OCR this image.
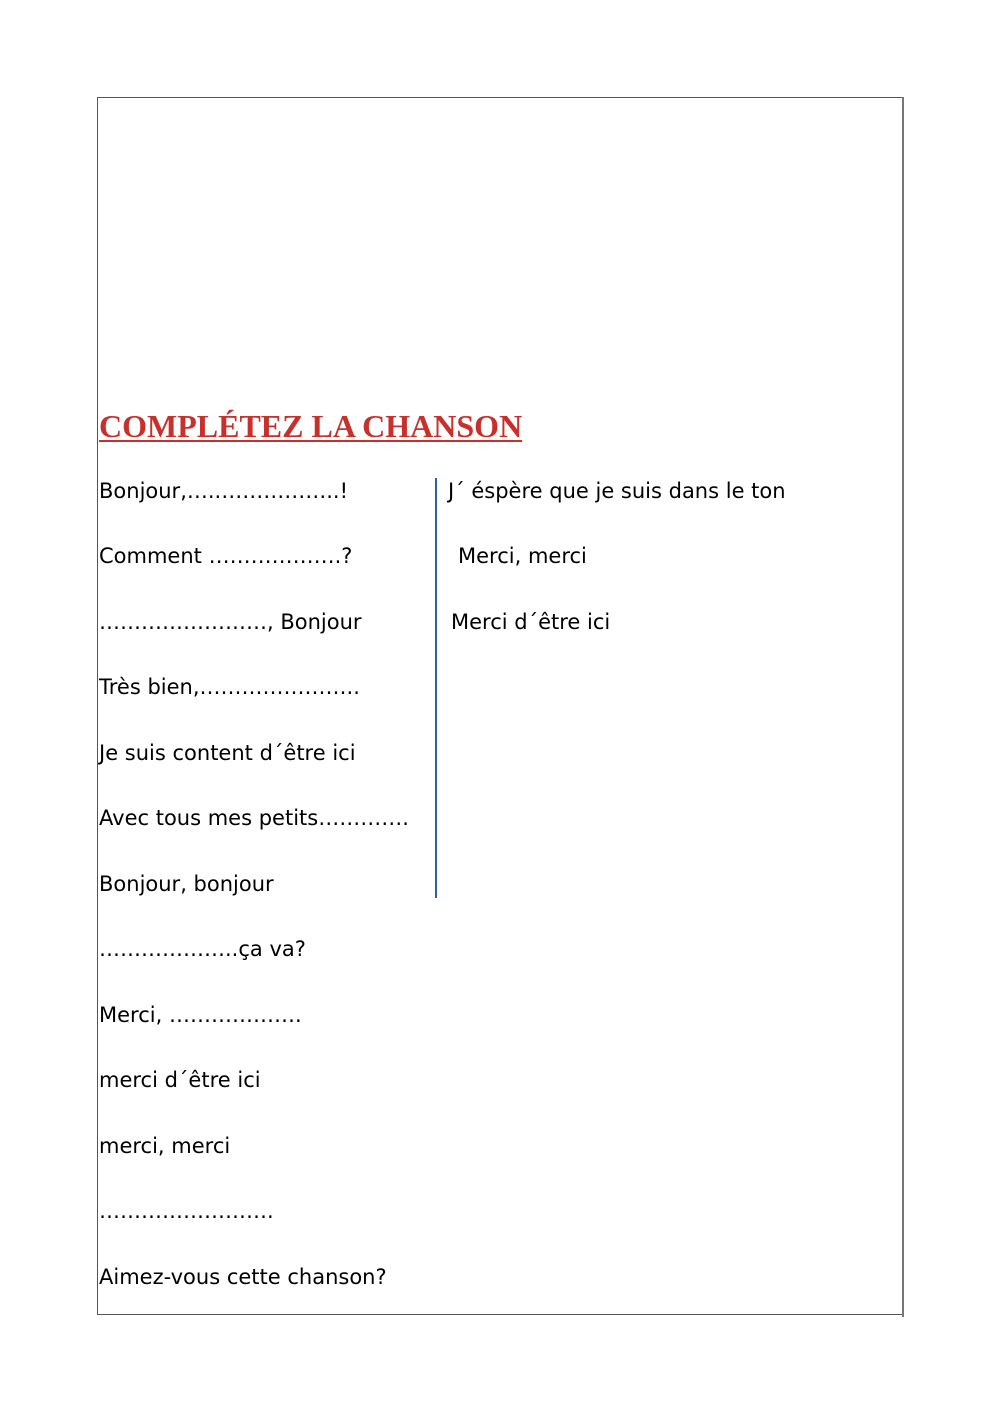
COMPLÉTEZ LA CHANSON

Bonjour,…..……………..!

Comment ……………….?

……………………, Bonjour

Très bien,…………………..

Je suis content d´être ici

Avec tous mes petits………….

Bonjour, bonjour

………………..ça va?

Merci, ……………….

merci d´être ici

merci, merci

…………………….

Aimez-vous cette chanson?

J´ éspère que je suis dans le ton

Merci, merci

Merci d´être ici
